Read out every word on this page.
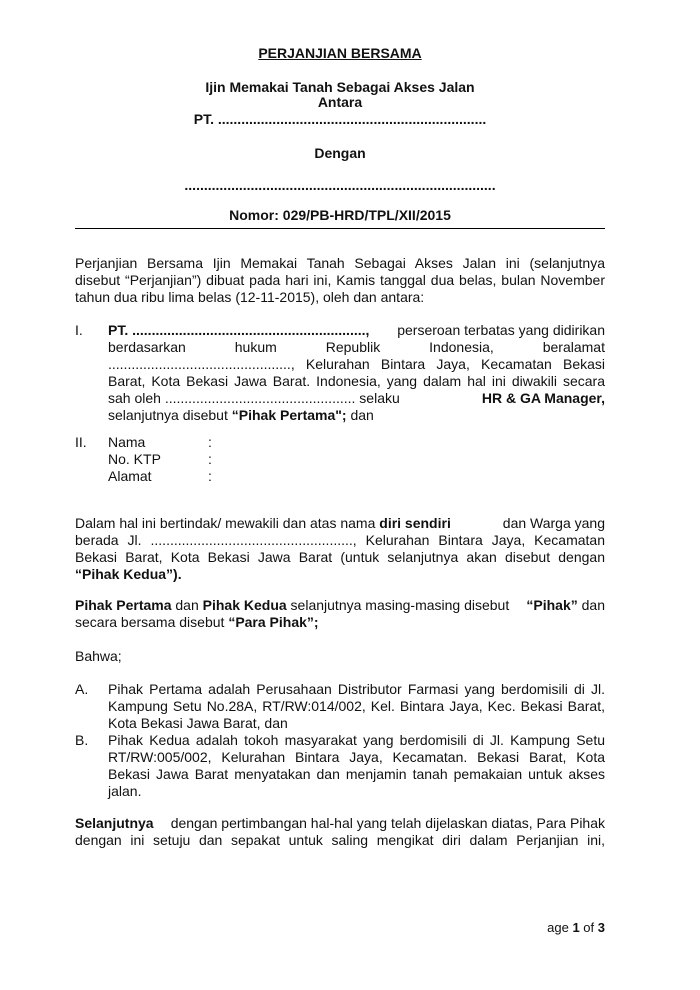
PERJANJIAN BERSAMA
Ijin Memakai Tanah Sebagai Akses Jalan
Antara
PT. .....................................................................
Dengan
................................................................................
Nomor: 029/PB-HRD/TPL/XII/2015
Perjanjian Bersama Ijin Memakai Tanah Sebagai Akses Jalan ini (selanjutnya
disebut “Perjanjian”) dibuat pada hari ini, Kamis tanggal dua belas, bulan November
tahun dua ribu lima belas (12-11-2015), oleh dan antara:
I. PT. ............................................................, perseroan terbatas yang didirikan
berdasarkan	hukum	Republik	Indonesia,	beralamat
..............................................., Kelurahan Bintara Jaya, Kecamatan Bekasi
Barat, Kota Bekasi Jawa Barat. Indonesia, yang dalam hal ini diwakili secara
sah oleh ................................................. selaku	HR & GA Manager,
selanjutnya disebut “Pihak Pertama"; dan
II. Nama	:
No. KTP	:
Alamat	:
Dalam hal ini bertindak/ mewakili dan atas nama diri sendiri	dan Warga yang
berada Jl. ...................................................., Kelurahan Bintara Jaya, Kecamatan
Bekasi Barat, Kota Bekasi Jawa Barat (untuk selanjutnya akan disebut dengan
“Pihak Kedua”).
Pihak Pertama dan Pihak Kedua selanjutnya masing-masing disebut “Pihak” dan
secara bersama disebut “Para Pihak”;
Bahwa;
A. Pihak Pertama adalah Perusahaan Distributor Farmasi yang berdomisili di Jl.
Kampung Setu No.28A, RT/RW:014/002, Kel. Bintara Jaya, Kec. Bekasi Barat,
Kota Bekasi Jawa Barat, dan
B. Pihak Kedua adalah tokoh masyarakat yang berdomisili di Jl. Kampung Setu
RT/RW:005/002, Kelurahan Bintara Jaya, Kecamatan. Bekasi Barat, Kota
Bekasi Jawa Barat menyatakan dan menjamin tanah pemakaian untuk akses
jalan.
Selanjutnya dengan pertimbangan hal-hal yang telah dijelaskan diatas, Para Pihak
dengan ini setuju dan sepakat untuk saling mengikat diri dalam Perjanjian ini,
age 1 of 3
